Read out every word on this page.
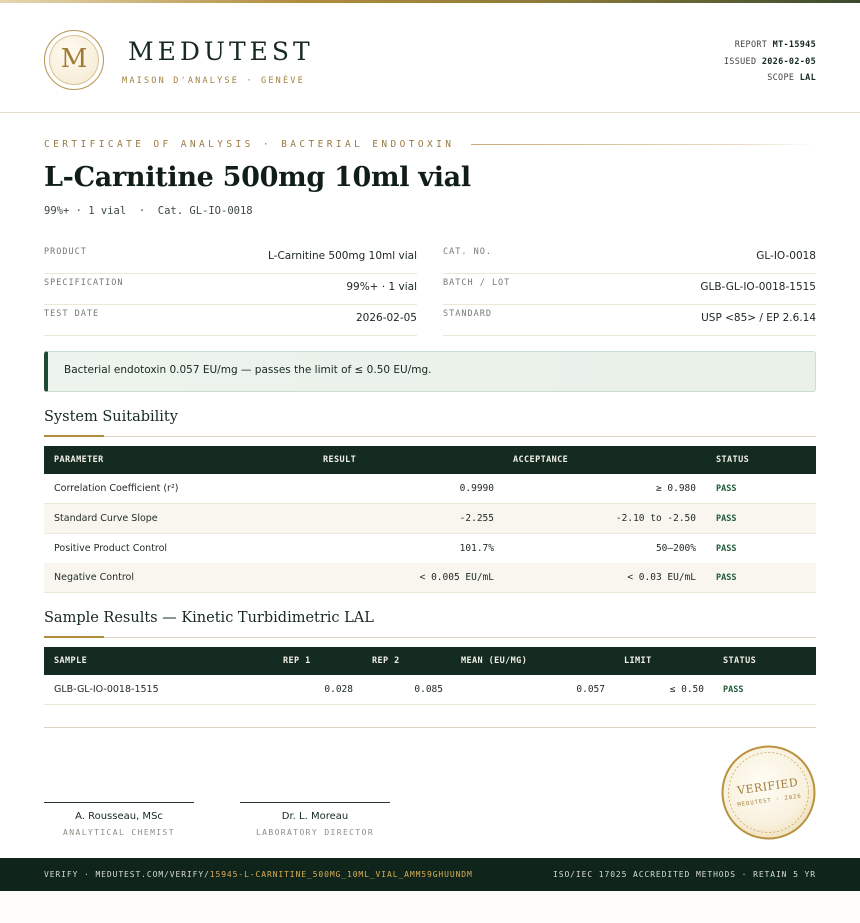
M	MEDUTEST
MAISON D'ANALYSE · GENÈVE
REPORT MT-15945
ISSUED 2026-02-05
SCOPE LAL
CERTIFICATE OF ANALYSIS · BACTERIAL ENDOTOXIN
L-Carnitine 500mg 10ml vial
99%+ · 1 vial  ·  Cat. GL-IO-0018
PRODUCT	L-Carnitine 500mg 10ml vial
SPECIFICATION	99%+ · 1 vial
TEST DATE	2026-02-05
CAT. NO.	GL-IO-0018
BATCH / LOT	GLB-GL-IO-0018-1515
STANDARD	USP <85> / EP 2.6.14
Bacterial endotoxin 0.057 EU/mg — passes the limit of ≤ 0.50 EU/mg.
System Suitability
PARAMETER	RESULT	ACCEPTANCE	STATUS
Correlation Coefficient (r²)	0.9990	≥ 0.980 PASS
Standard Curve Slope	-2.255	-2.10 to -2.50 PASS
Positive Product Control	101.7%	50–200% PASS
Negative Control	< 0.005 EU/mL	< 0.03 EU/mL PASS
Sample Results — Kinetic Turbidimetric LAL
SAMPLE	REP 1	REP 2	MEAN (EU/MG)	LIMIT	STATUS
GLB-GL-IO-0018-1515	0.028	0.085	0.057	≤ 0.50 PASS
A. Rousseau, MSc
ANALYTICAL CHEMIST
Dr. L. Moreau
LABORATORY DIRECTOR
VERIFIED
MEDUTEST · 2026
VERIFY · MEDUTEST.COM/VERIFY/15945-L-CARNITINE_500MG_10ML_VIAL_AMM59GHUUNDM	ISO/IEC 17025 ACCREDITED METHODS · RETAIN 5 YR
